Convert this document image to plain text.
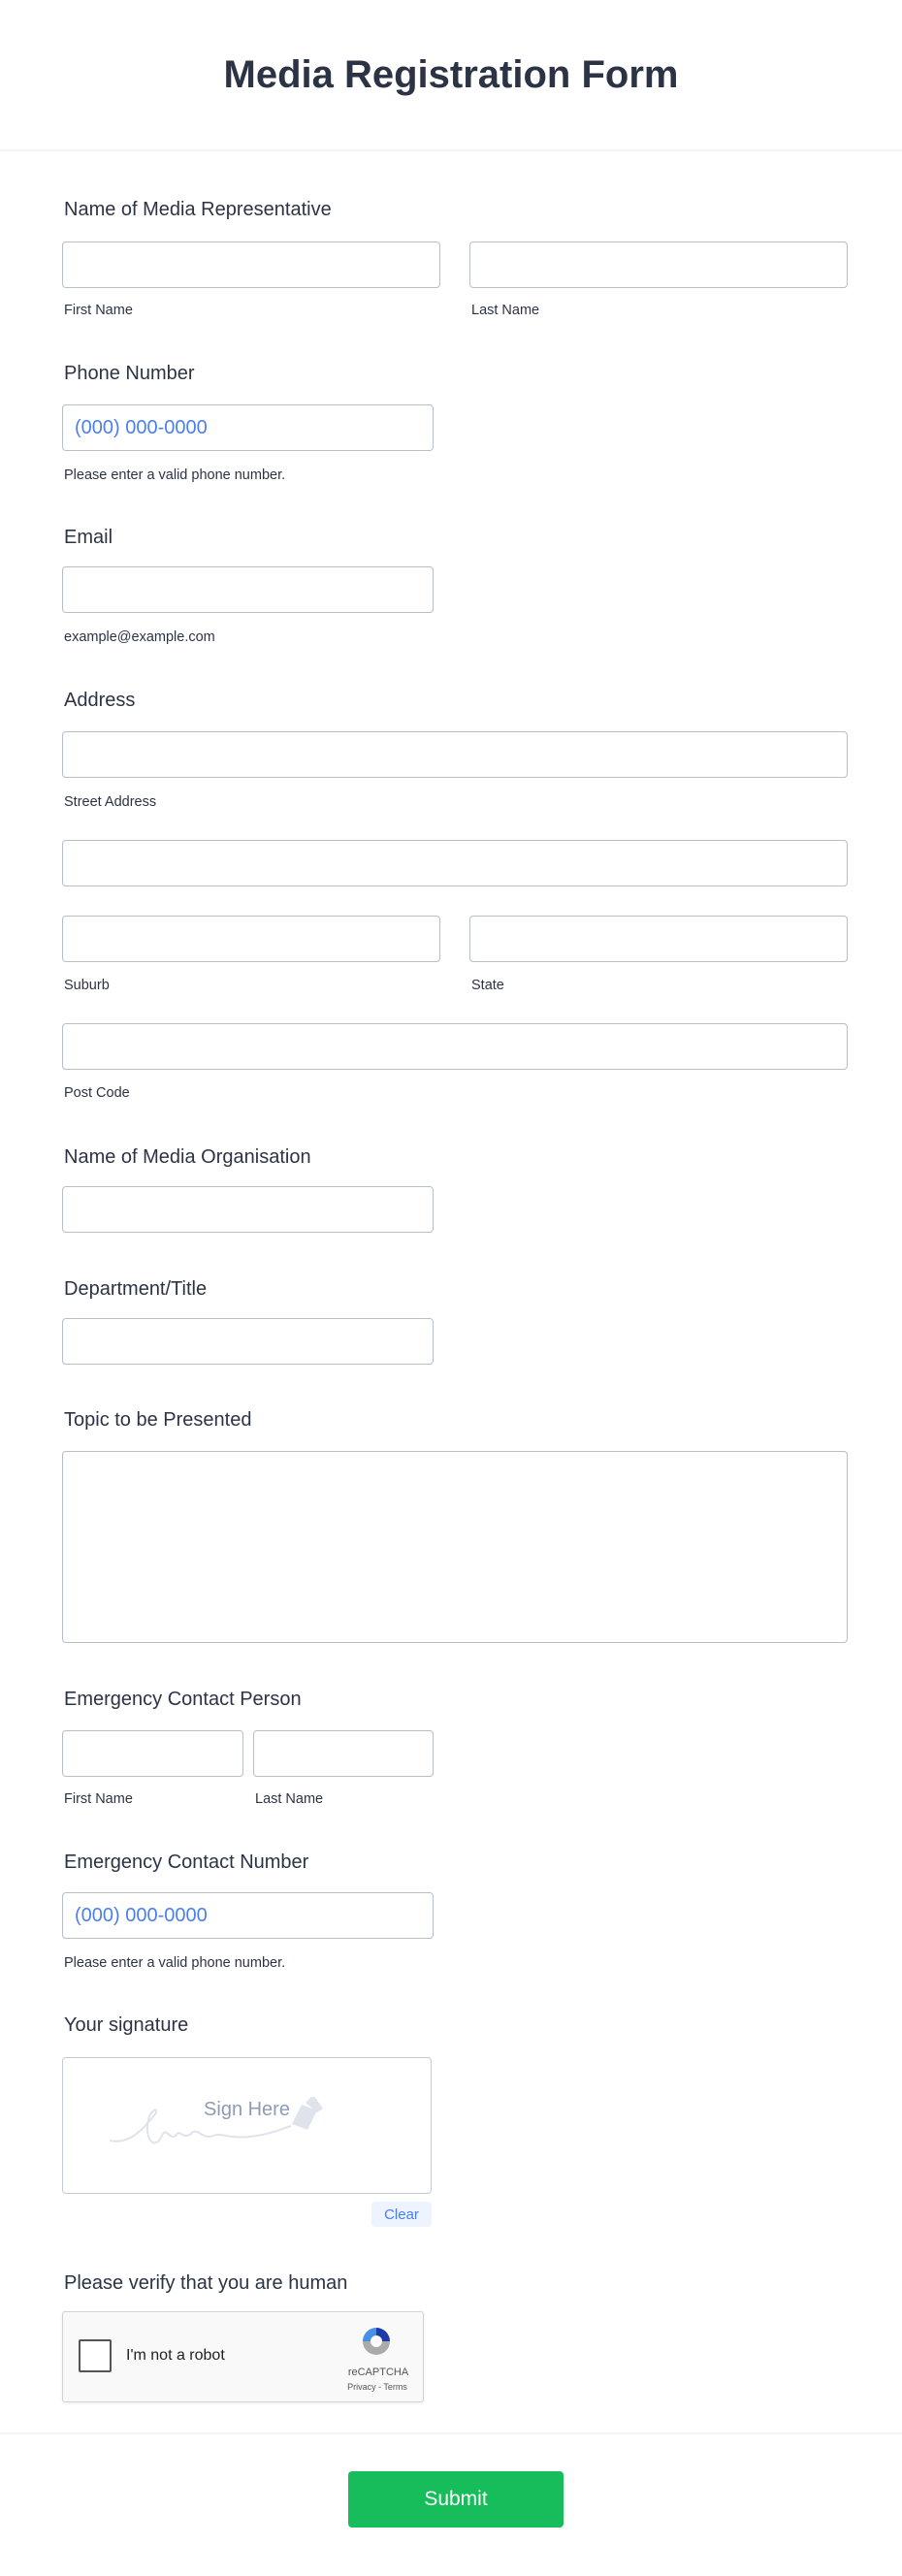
Media Registration Form
Name of Media Representative
First Name	Last Name
Phone Number
(000) 000-0000
Please enter a valid phone number.
Email
example@example.com
Address
Street Address
Suburb	State
Post Code
Name of Media Organisation
Department/Title
Topic to be Presented
Emergency Contact Person
First Name	Last Name
Emergency Contact Number
(000) 000-0000
Please enter a valid phone number.
Your signature
Sign Here
Clear
Please verify that you are human
I'm not a robot
reCAPTCHA
Privacy - Terms
Submit
